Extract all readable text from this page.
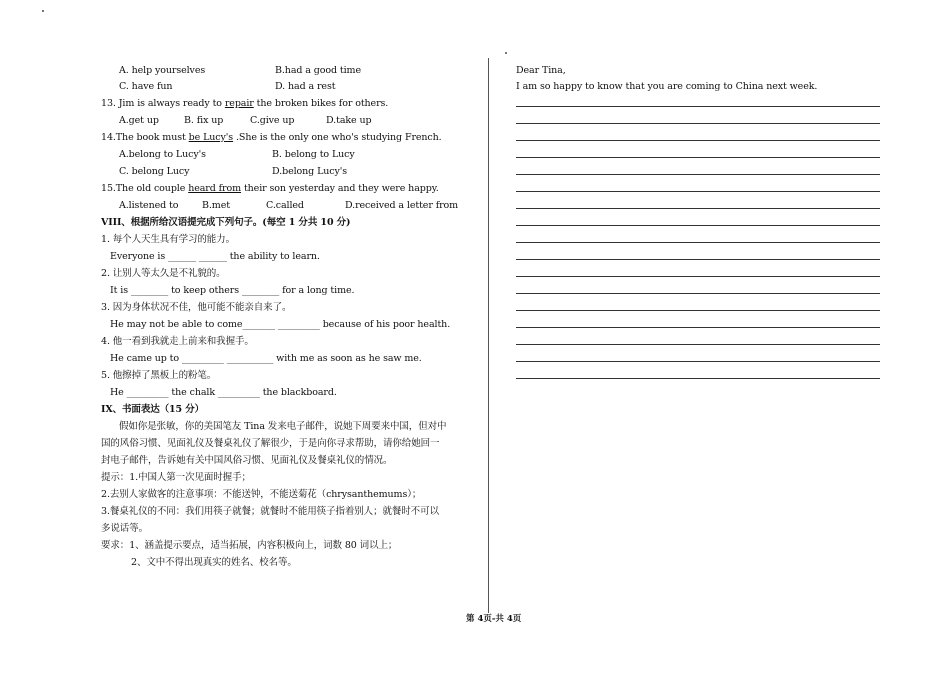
A. help yourselves	B.had a good time
C. have fun	D. had a rest
13. Jim is always ready to repair the broken bikes for others.
A.get up	B. fix up	C.give up	D.take up
14.The book must be Lucy's .She is the only one who's studying French.
A.belong to Lucy's	B. belong to Lucy
C. belong Lucy	D.belong Lucy's
15.The old couple heard from their son yesterday and they were happy.
A.listened to B.met	C.called	D.received a letter from
VIII、根据所给汉语提完成下列句子。(每空 1 分共 10 分)
1. 每个人天生具有学习的能力。
Everyone is ______ ______ the ability to learn.
2. 让别人等太久是不礼貌的。
It is ________ to keep others ________ for a long time.
3. 因为身体状况不佳，他可能不能亲自来了。
He may not be able to come_______ _________ because of his poor health.
4. 他一看到我就走上前来和我握手。
He came up to _________ __________ with me as soon as he saw me.
5. 他擦掉了黑板上的粉笔。
He _________ the chalk _________ the blackboard.
IX、书面表达（15 分）
假如你是张敏，你的美国笔友 Tina 发来电子邮件，说她下周要来中国，但对中
国的风俗习惯、见面礼仪及餐桌礼仪了解很少，于是向你寻求帮助，请你给她回一
封电子邮件，告诉她有关中国风俗习惯、见面礼仪及餐桌礼仪的情况。
提示：1.中国人第一次见面时握手；
2.去别人家做客的注意事项：不能送钟，不能送菊花（chrysanthemums）；
3.餐桌礼仪的不同：我们用筷子就餐；就餐时不能用筷子指着别人；就餐时不可以
多说话等。
要求：1、涵盖提示要点，适当拓展，内容积极向上，词数 80 词以上；
2、文中不得出现真实的姓名、校名等。
Dear Tina,
I am so happy to know that you are coming to China next week.
第 4页-共 4页
